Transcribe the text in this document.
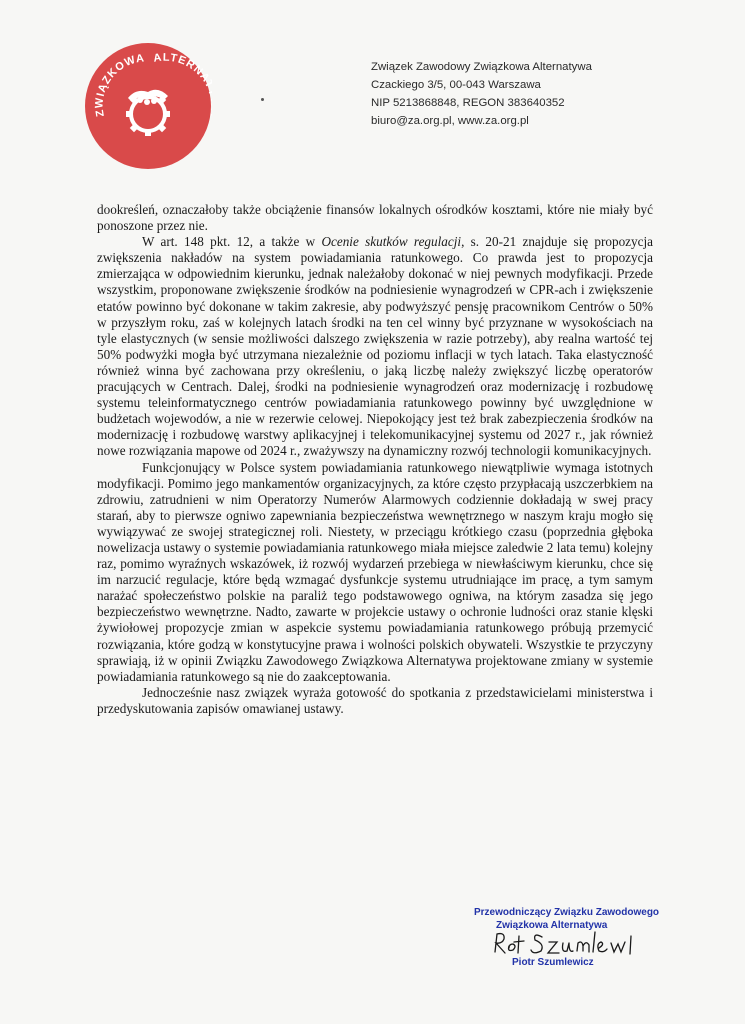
ZWIĄZKOWA ALTERNA
Związek Zawodowy Związkowa Alternatywa
Czackiego 3/5, 00-043 Warszawa
NIP 5213868848, REGON 383640352
biuro@za.org.pl, www.za.org.pl

dookreśleń, oznaczałoby także obciążenie finansów lokalnych ośrodków kosztami, które nie miały być ponoszone przez nie.

W art. 148 pkt. 12, a także w Ocenie skutków regulacji, s. 20-21 znajduje się propozycja zwiększenia nakładów na system powiadamiania ratunkowego. Co prawda jest to propozycja zmierzająca w odpowiednim kierunku, jednak należałoby dokonać w niej pewnych modyfikacji. Przede wszystkim, proponowane zwiększenie środków na podniesienie wynagrodzeń w CPR-ach i zwiększenie etatów powinno być dokonane w takim zakresie, aby podwyższyć pensję pracownikom Centrów o 50% w przyszłym roku, zaś w kolejnych latach środki na ten cel winny być przyznane w wysokościach na tyle elastycznych (w sensie możliwości dalszego zwiększenia w razie potrzeby), aby realna wartość tej 50% podwyżki mogła być utrzymana niezależnie od poziomu inflacji w tych latach. Taka elastyczność również winna być zachowana przy określeniu, o jaką liczbę należy zwiększyć liczbę operatorów pracujących w Centrach. Dalej, środki na podniesienie wynagrodzeń oraz modernizację i rozbudowę systemu teleinformatycznego centrów powiadamiania ratunkowego powinny być uwzględnione w budżetach wojewodów, a nie w rezerwie celowej. Niepokojący jest też brak zabezpieczenia środków na modernizację i rozbudowę warstwy aplikacyjnej i telekomunikacyjnej systemu od 2027 r., jak również nowe rozwiązania mapowe od 2024 r., zważywszy na dynamiczny rozwój technologii komunikacyjnych.

Funkcjonujący w Polsce system powiadamiania ratunkowego niewątpliwie wymaga istotnych modyfikacji. Pomimo jego mankamentów organizacyjnych, za które często przypłacają uszczerbkiem na zdrowiu, zatrudnieni w nim Operatorzy Numerów Alarmowych codziennie dokładają w swej pracy starań, aby to pierwsze ogniwo zapewniania bezpieczeństwa wewnętrznego w naszym kraju mogło się wywiązywać ze swojej strategicznej roli. Niestety, w przeciągu krótkiego czasu (poprzednia głęboka nowelizacja ustawy o systemie powiadamiania ratunkowego miała miejsce zaledwie 2 lata temu) kolejny raz, pomimo wyraźnych wskazówek, iż rozwój wydarzeń przebiega w niewłaściwym kierunku, chce się im narzucić regulacje, które będą wzmagać dysfunkcje systemu utrudniające im pracę, a tym samym narażać społeczeństwo polskie na paraliż tego podstawowego ogniwa, na którym zasadza się jego bezpieczeństwo wewnętrzne. Nadto, zawarte w projekcie ustawy o ochronie ludności oraz stanie klęski żywiołowej propozycje zmian w aspekcie systemu powiadamiania ratunkowego próbują przemycić rozwiązania, które godzą w konstytucyjne prawa i wolności polskich obywateli. Wszystkie te przyczyny sprawiają, iż w opinii Związku Zawodowego Związkowa Alternatywa projektowane zmiany w systemie powiadamiania ratunkowego są nie do zaakceptowania.

Jednocześnie nasz związek wyraża gotowość do spotkania z przedstawicielami ministerstwa i przedyskutowania zapisów omawianej ustawy.

Przewodniczący Związku Zawodowego
Związkowa Alternatywa
Piotr Szumlewicz
